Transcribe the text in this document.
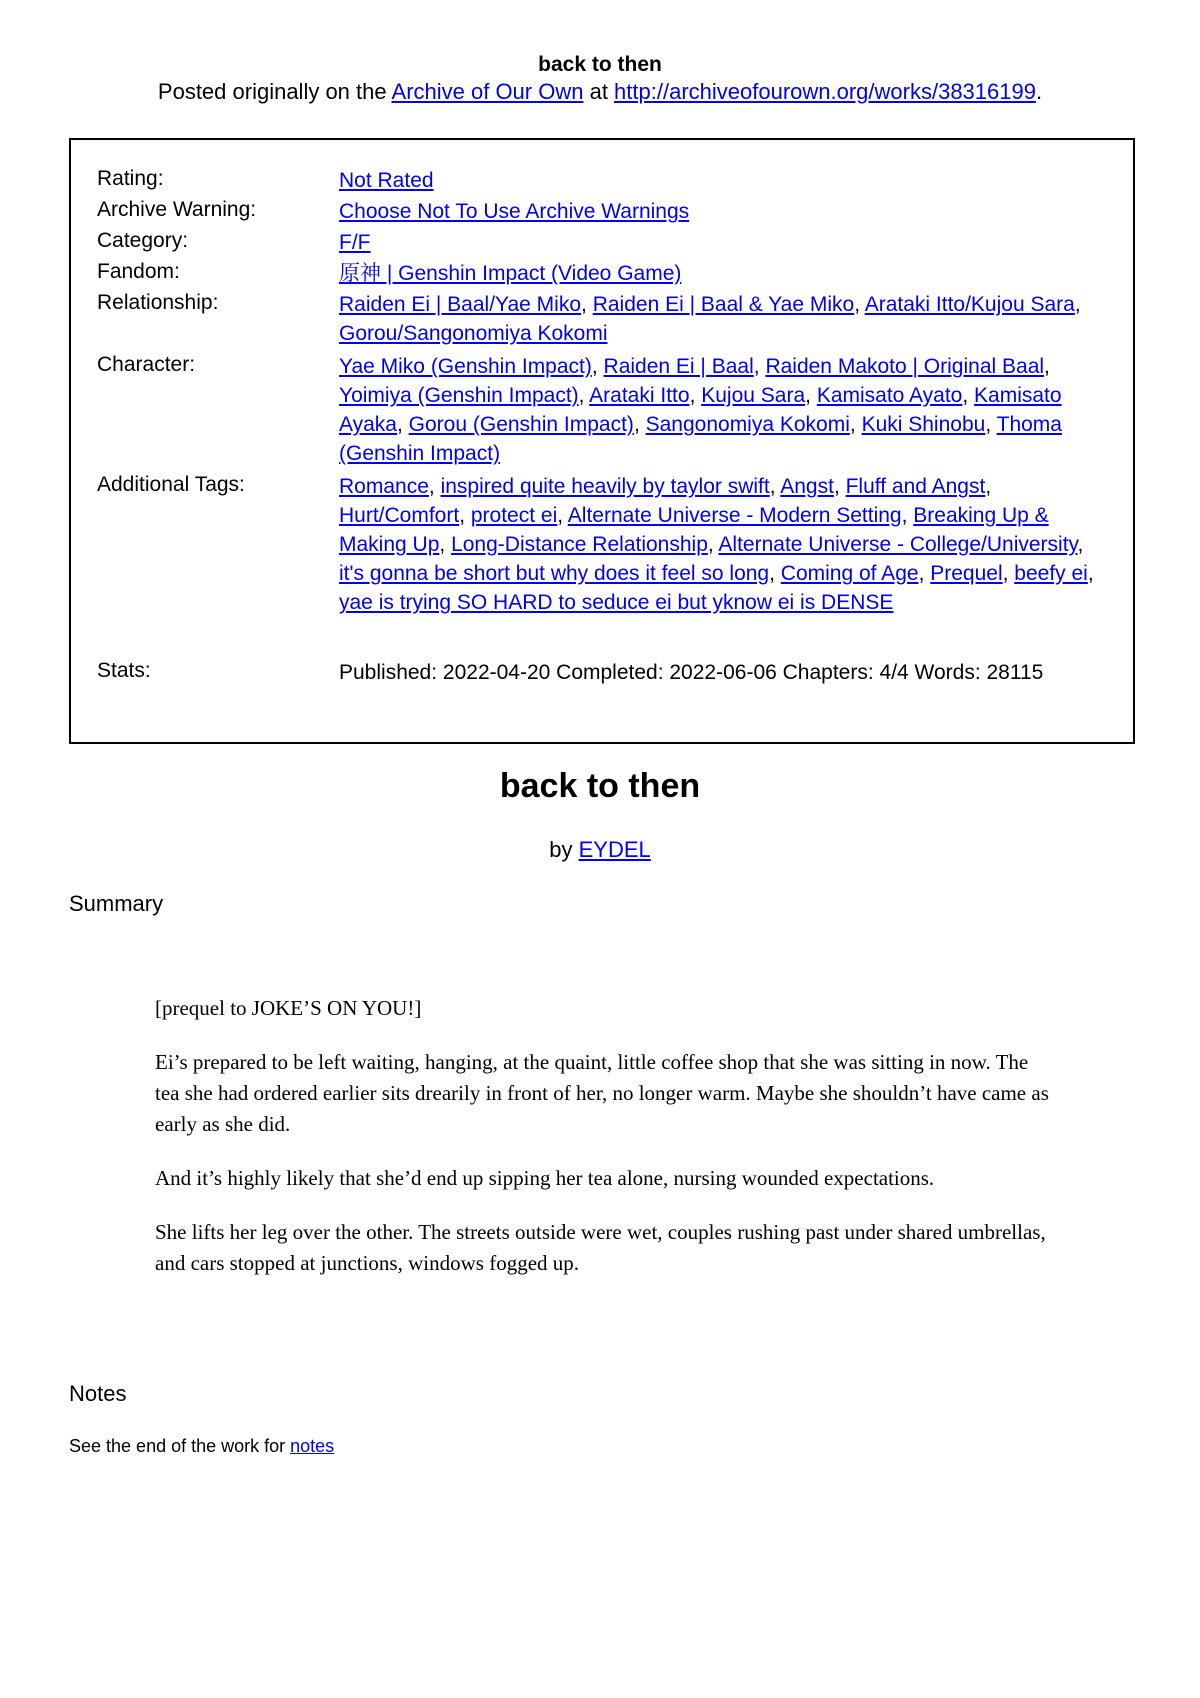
back to then
Posted originally on the Archive of Our Own at http://archiveofourown.org/works/38316199.
Rating:	Not Rated
Archive Warning:	Choose Not To Use Archive Warnings
Category:	F/F
Fandom:	原神 | Genshin Impact (Video Game)
Relationship:	Raiden Ei | Baal/Yae Miko, Raiden Ei | Baal & Yae Miko, Arataki Itto/Kujou Sara, Gorou/Sangonomiya Kokomi
Character:	Yae Miko (Genshin Impact), Raiden Ei | Baal, Raiden Makoto | Original Baal, Yoimiya (Genshin Impact), Arataki Itto, Kujou Sara, Kamisato Ayato, Kamisato Ayaka, Gorou (Genshin Impact), Sangonomiya Kokomi, Kuki Shinobu, Thoma (Genshin Impact)
Additional Tags:	Romance, inspired quite heavily by taylor swift, Angst, Fluff and Angst, Hurt/Comfort, protect ei, Alternate Universe - Modern Setting, Breaking Up & Making Up, Long-Distance Relationship, Alternate Universe - College/University, it's gonna be short but why does it feel so long, Coming of Age, Prequel, beefy ei, yae is trying SO HARD to seduce ei but yknow ei is DENSE
Stats:	Published: 2022-04-20 Completed: 2022-06-06 Chapters: 4/4 Words: 28115
back to then
by EYDEL
Summary

[prequel to JOKE’S ON YOU!]

Ei’s prepared to be left waiting, hanging, at the quaint, little coffee shop that she was sitting in now. The tea she had ordered earlier sits drearily in front of her, no longer warm. Maybe she shouldn’t have came as early as she did.

And it’s highly likely that she’d end up sipping her tea alone, nursing wounded expectations.

She lifts her leg over the other. The streets outside were wet, couples rushing past under shared umbrellas, and cars stopped at junctions, windows fogged up.

Notes
See the end of the work for notes
